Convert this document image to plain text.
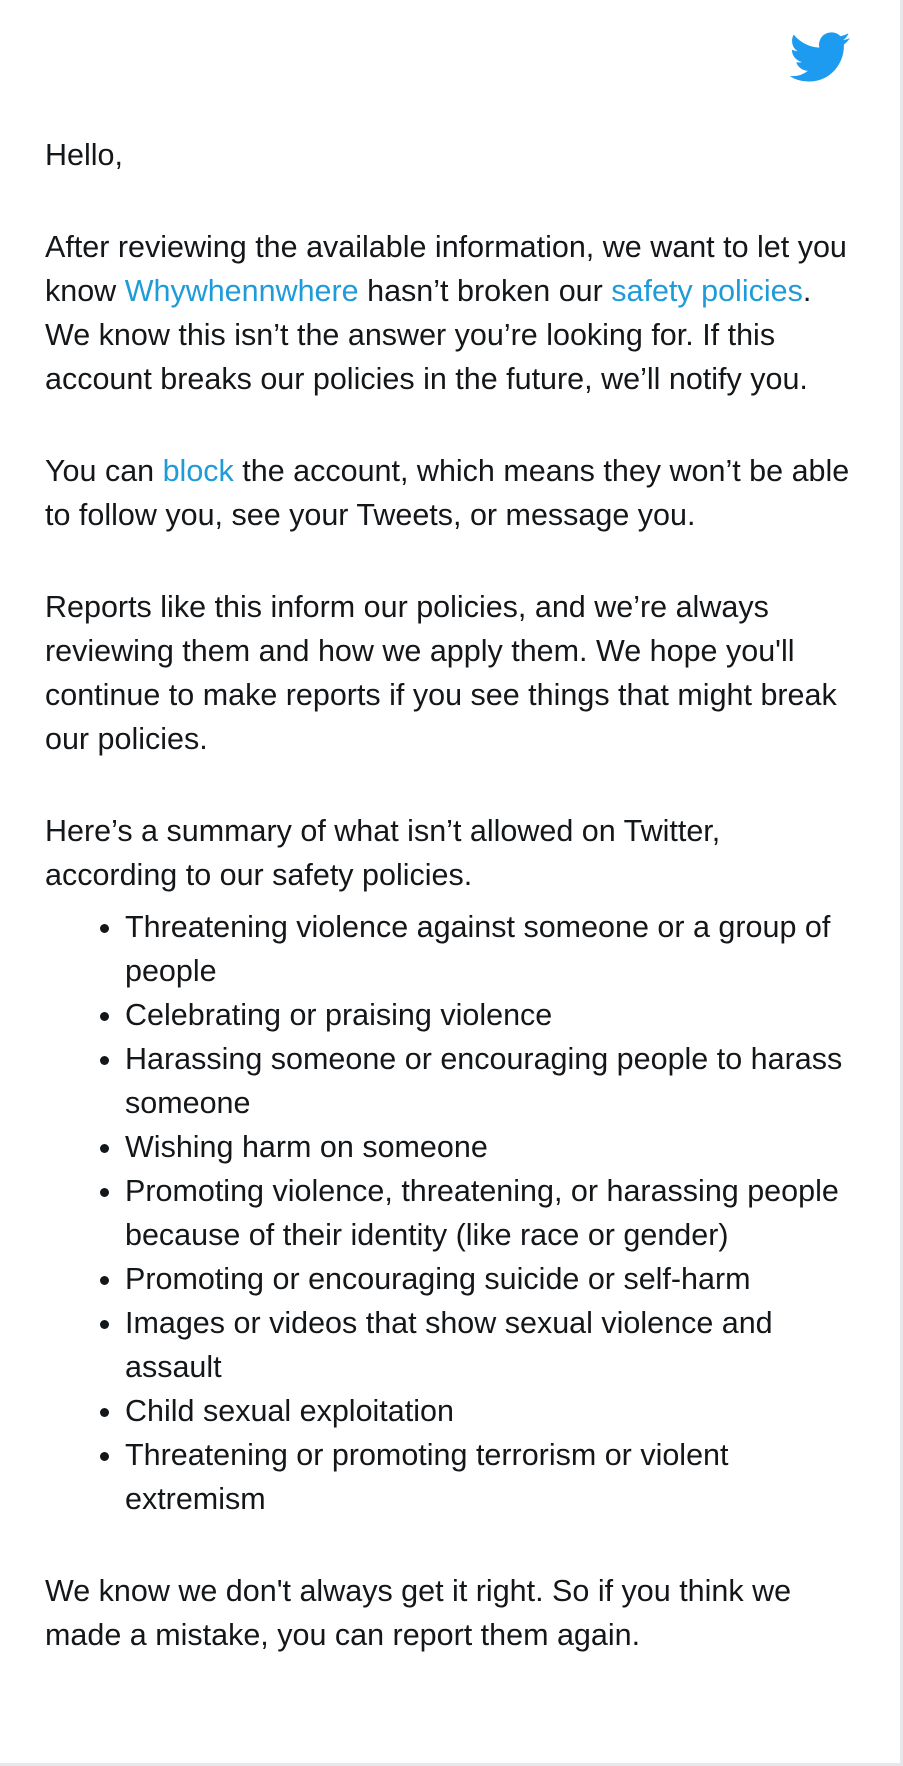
Hello,

After reviewing the available information, we want to let you know Whywhennwhere hasn’t broken our safety policies. We know this isn’t the answer you’re looking for. If this account breaks our policies in the future, we’ll notify you.

You can block the account, which means they won’t be able to follow you, see your Tweets, or message you.

Reports like this inform our policies, and we’re always reviewing them and how we apply them. We hope you'll continue to make reports if you see things that might break our policies.

Here’s a summary of what isn’t allowed on Twitter, according to our safety policies.

Threatening violence against someone or a group of people
Celebrating or praising violence
Harassing someone or encouraging people to harass someone
Wishing harm on someone
Promoting violence, threatening, or harassing people because of their identity (like race or gender)
Promoting or encouraging suicide or self-harm
Images or videos that show sexual violence and assault
Child sexual exploitation
Threatening or promoting terrorism or violent extremism

We know we don't always get it right. So if you think we made a mistake, you can report them again.
